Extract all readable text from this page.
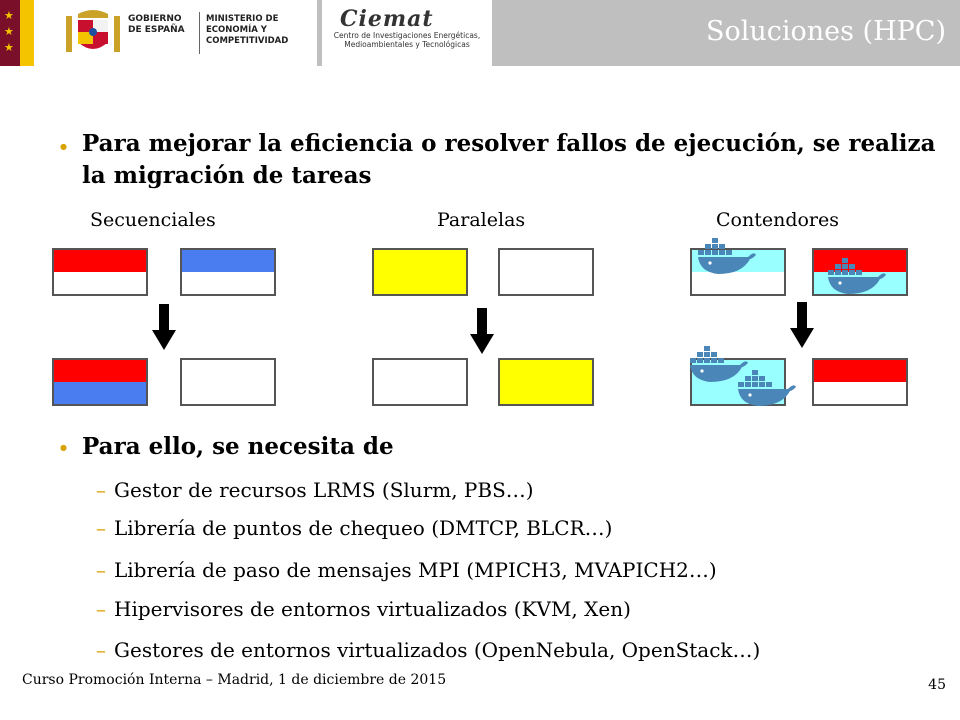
★
★
★
GOBIERNO DE ESPAÑA
MINISTERIO DE ECONOMÍA Y COMPETITIVIDAD
Ciemat
Centro de Investigaciones Energéticas, Medioambientales y Tecnológicas	Soluciones (HPC)
● Para mejorar la eficiencia o resolver fallos de ejecución, se realiza la migración de tareas
Secuenciales	Paralelas	Contendores
● Para ello, se necesita de
– Gestor de recursos LRMS (Slurm, PBS…)
– Librería de puntos de chequeo (DMTCP, BLCR…)
– Librería de paso de mensajes MPI (MPICH3, MVAPICH2…)
– Hipervisores de entornos virtualizados (KVM, Xen)
– Gestores de entornos virtualizados (OpenNebula, OpenStack…)
Curso Promoción Interna – Madrid, 1 de diciembre de 2015	45
